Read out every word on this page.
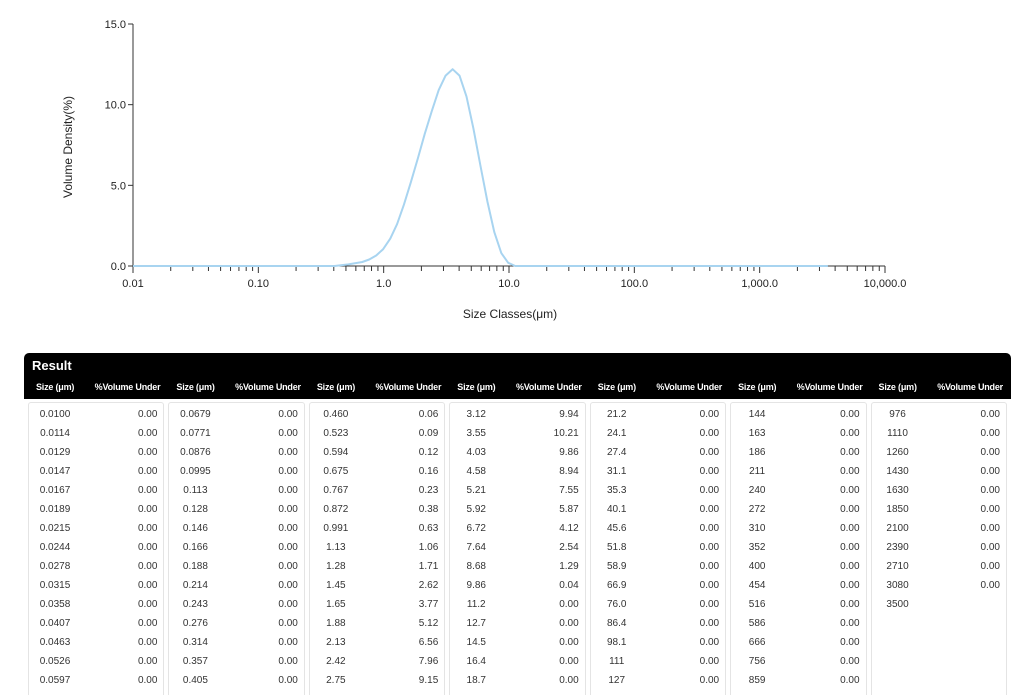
0.01	0.10	1.0	10.0	100.0	1,000.0	10,000.0
0.0
5.0
10.0
15.0
Size Classes(μm)
Volume Density(%)
Result
Size (μm) %Volume Under Size (μm) %Volume Under Size (μm) %Volume Under Size (μm) %Volume Under Size (μm) %Volume Under Size (μm) %Volume Under Size (μm) %Volume Under
0.0100	0.00
0.0114	0.00
0.0129	0.00
0.0147	0.00
0.0167	0.00
0.0189	0.00
0.0215	0.00
0.0244	0.00
0.0278	0.00
0.0315	0.00
0.0358	0.00
0.0407	0.00
0.0463	0.00
0.0526	0.00
0.0597	0.00
0.0679	0.00
0.0771	0.00
0.0876	0.00
0.0995	0.00
0.113	0.00
0.128	0.00
0.146	0.00
0.166	0.00
0.188	0.00
0.214	0.00
0.243	0.00
0.276	0.00
0.314	0.00
0.357	0.00
0.405	0.00
0.460	0.06
0.523	0.09
0.594	0.12
0.675	0.16
0.767	0.23
0.872	0.38
0.991	0.63
1.13	1.06
1.28	1.71
1.45	2.62
1.65	3.77
1.88	5.12
2.13	6.56
2.42	7.96
2.75	9.15
3.12	9.94
3.55	10.21
4.03	9.86
4.58	8.94
5.21	7.55
5.92	5.87
6.72	4.12
7.64	2.54
8.68	1.29
9.86	0.04
11.2	0.00
12.7	0.00
14.5	0.00
16.4	0.00
18.7	0.00
21.2	0.00
24.1	0.00
27.4	0.00
31.1	0.00
35.3	0.00
40.1	0.00
45.6	0.00
51.8	0.00
58.9	0.00
66.9	0.00
76.0	0.00
86.4	0.00
98.1	0.00
111	0.00
127	0.00
144	0.00
163	0.00
186	0.00
211	0.00
240	0.00
272	0.00
310	0.00
352	0.00
400	0.00
454	0.00
516	0.00
586	0.00
666	0.00
756	0.00
859	0.00
976	0.00
1110	0.00
1260	0.00
1430	0.00
1630	0.00
1850	0.00
2100	0.00
2390	0.00
2710	0.00
3080	0.00
3500
